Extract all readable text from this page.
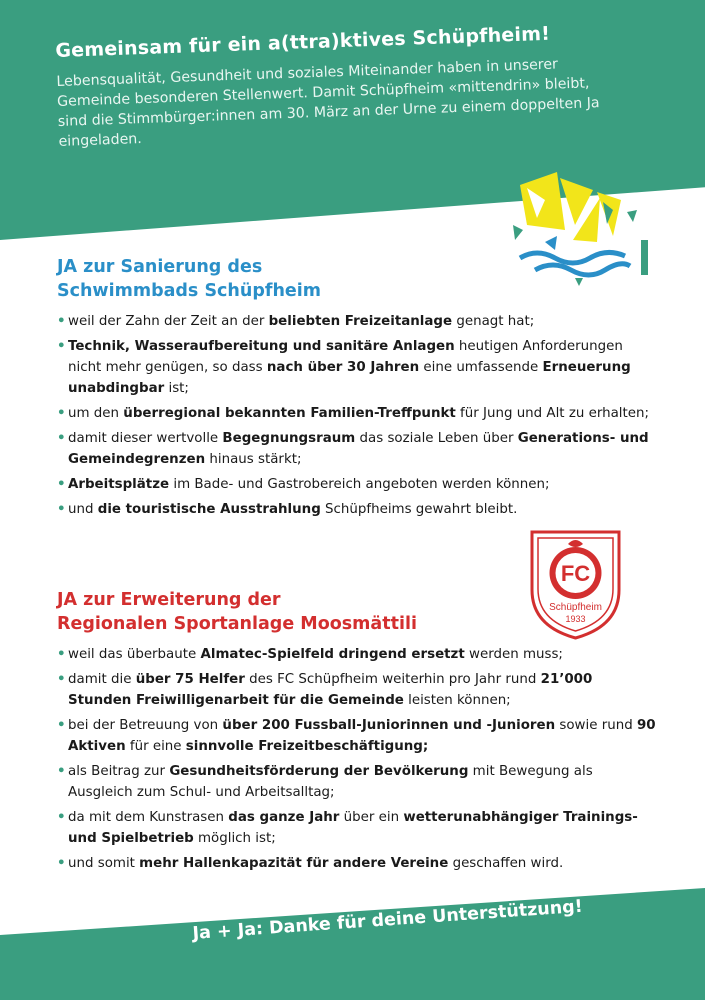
Gemeinsam für ein a(ttra)ktives Schüpfheim!

Lebensqualität, Gesundheit und soziales Miteinander haben in unserer Gemeinde besonderen Stellenwert. Damit Schüpfheim «mittendrin» bleibt, sind die Stimmbürger:innen am 30. März an der Urne zu einem doppelten Ja eingeladen.

JA zur Sanierung des
Schwimmbads Schüpfheim
• weil der Zahn der Zeit an der beliebten Freizeitanlage genagt hat;
• Technik, Wasseraufbereitung und sanitäre Anlagen heutigen Anforderungen nicht mehr genügen, so dass nach über 30 Jahren eine umfassende Erneuerung unabdingbar ist;
• um den überregional bekannten Familien-Treffpunkt für Jung und Alt zu erhalten;
• damit dieser wertvolle Begegnungsraum das soziale Leben über Generations- und Gemeindegrenzen hinaus stärkt;
• Arbeitsplätze im Bade- und Gastrobereich angeboten werden können;
• und die touristische Ausstrahlung Schüpfheims gewahrt bleibt.
FC
Schüpfheim
1933
JA zur Erweiterung der
Regionalen Sportanlage Moosmättili
• weil das überbaute Almatec-Spielfeld dringend ersetzt werden muss;
• damit die über 75 Helfer des FC Schüpfheim weiterhin pro Jahr rund 21’000 Stunden Freiwilligenarbeit für die Gemeinde leisten können;
• bei der Betreuung von über 200 Fussball-Juniorinnen und -Junioren sowie rund 90 Aktiven für eine sinnvolle Freizeitbeschäftigung;
• als Beitrag zur Gesundheitsförderung der Bevölkerung mit Bewegung als Ausgleich zum Schul- und Arbeitsalltag;
• da mit dem Kunstrasen das ganze Jahr über ein wetterunabhängiger Trainings- und Spielbetrieb möglich ist;
• und somit mehr Hallenkapazität für andere Vereine geschaffen wird.
Ja + Ja: Danke für deine Unterstützung!
